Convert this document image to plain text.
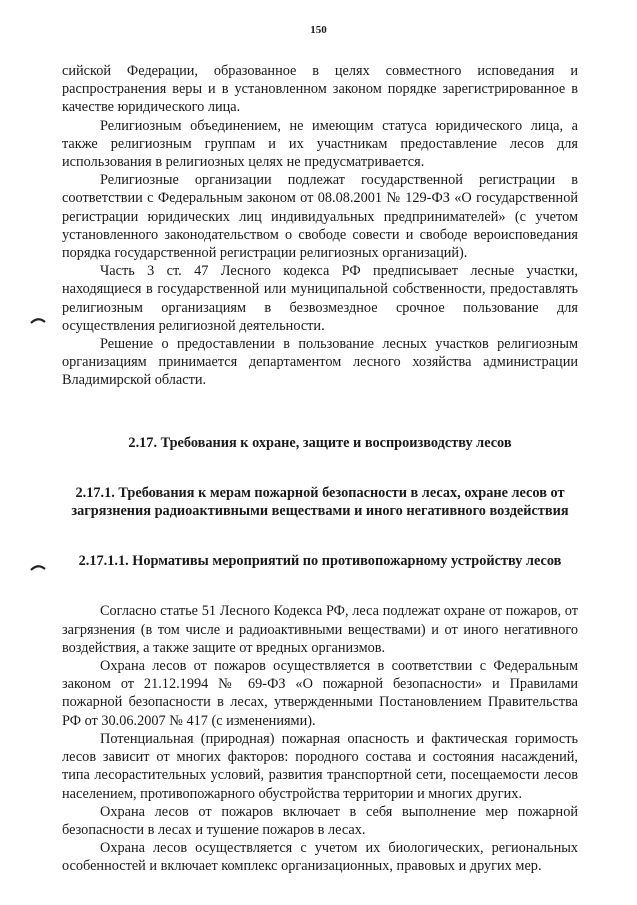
150

сийской Федерации, образованное в целях совместного исповедания и распространения веры и в установленном законом порядке зарегистрированное в качестве юридического лица.

Религиозным объединением, не имеющим статуса юридического лица, а также религиозным группам и их участникам предоставление лесов для использования в религиозных целях не предусматривается.

Религиозные организации подлежат государственной регистрации в соответствии с Федеральным законом от 08.08.2001 № 129-ФЗ «О государственной регистрации юридических лиц индивидуальных предпринимателей» (с учетом установленного законодательством о свободе совести и свободе вероисповедания порядка государственной регистрации религиозных организаций).

Часть 3 ст. 47 Лесного кодекса РФ предписывает лесные участки, находящиеся в государственной или муниципальной собственности, предоставлять религиозным организациям в безвозмездное срочное пользование для осуществления религиозной деятельности.

Решение о предоставлении в пользование лесных участков религиозным организациям принимается департаментом лесного хозяйства администрации Владимирской области.

2.17. Требования к охране, защите и воспроизводству лесов

2.17.1. Требования к мерам пожарной безопасности в лесах, охране лесов от загрязнения радиоактивными веществами и иного негативного воздействия

2.17.1.1. Нормативы мероприятий по противопожарному устройству лесов

Согласно статье 51 Лесного Кодекса РФ, леса подлежат охране от пожаров, от загрязнения (в том числе и радиоактивными веществами) и от иного негативного воздействия, а также защите от вредных организмов.

Охрана лесов от пожаров осуществляется в соответствии с Федеральным законом от 21.12.1994 № 69-ФЗ «О пожарной безопасности» и Правилами пожарной безопасности в лесах, утвержденными Постановлением Правительства РФ от 30.06.2007 № 417 (с изменениями).

Потенциальная (природная) пожарная опасность и фактическая горимость лесов зависит от многих факторов: породного состава и состояния насаждений, типа лесорастительных условий, развития транспортной сети, посещаемости лесов населением, противопожарного обустройства территории и многих других.

Охрана лесов от пожаров включает в себя выполнение мер пожарной безопасности в лесах и тушение пожаров в лесах.

Охрана лесов осуществляется с учетом их биологических, региональных особенностей и включает комплекс организационных, правовых и других мер.
